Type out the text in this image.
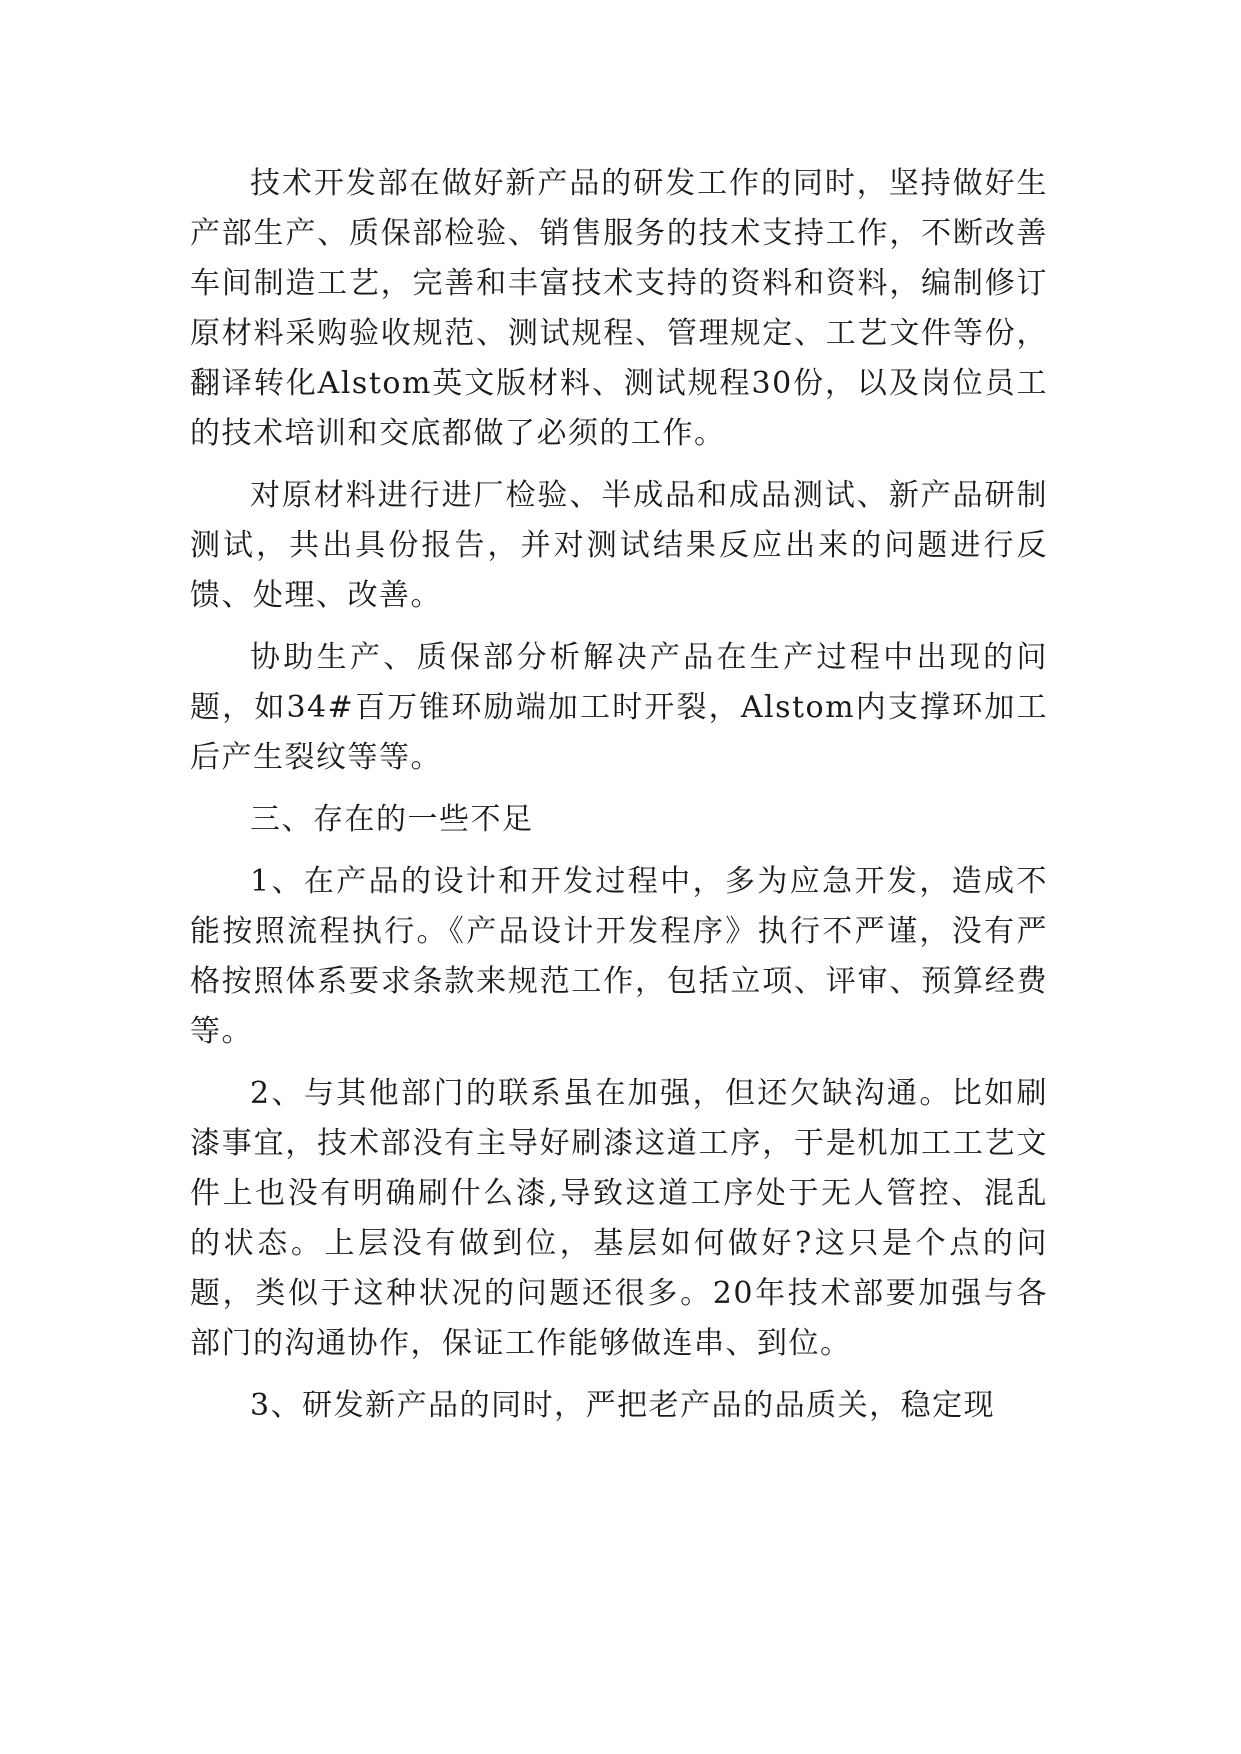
技术开发部在做好新产品的研发工作的同时，坚持做好生产部生产、质保部检验、销售服务的技术支持工作，不断改善车间制造工艺，完善和丰富技术支持的资料和资料，编制修订原材料采购验收规范、测试规程、管理规定、工艺文件等份，翻译转化Alstom英文版材料、测试规程30份，以及岗位员工的技术培训和交底都做了必须的工作。

对原材料进行进厂检验、半成品和成品测试、新产品研制测试，共出具份报告，并对测试结果反应出来的问题进行反馈、处理、改善。

协助生产、质保部分析解决产品在生产过程中出现的问题，如34#百万锥环励端加工时开裂，Alstom内支撑环加工后产生裂纹等等。

三、存在的一些不足

1、在产品的设计和开发过程中，多为应急开发，造成不能按照流程执行。《产品设计开发程序》执行不严谨，没有严格按照体系要求条款来规范工作，包括立项、评审、预算经费等。

2、与其他部门的联系虽在加强，但还欠缺沟通。比如刷漆事宜，技术部没有主导好刷漆这道工序，于是机加工工艺文件上也没有明确刷什么漆,导致这道工序处于无人管控、混乱的状态。上层没有做到位，基层如何做好?这只是个点的问题，类似于这种状况的问题还很多。20年技术部要加强与各部门的沟通协作，保证工作能够做连串、到位。

3、研发新产品的同时，严把老产品的品质关，稳定现
